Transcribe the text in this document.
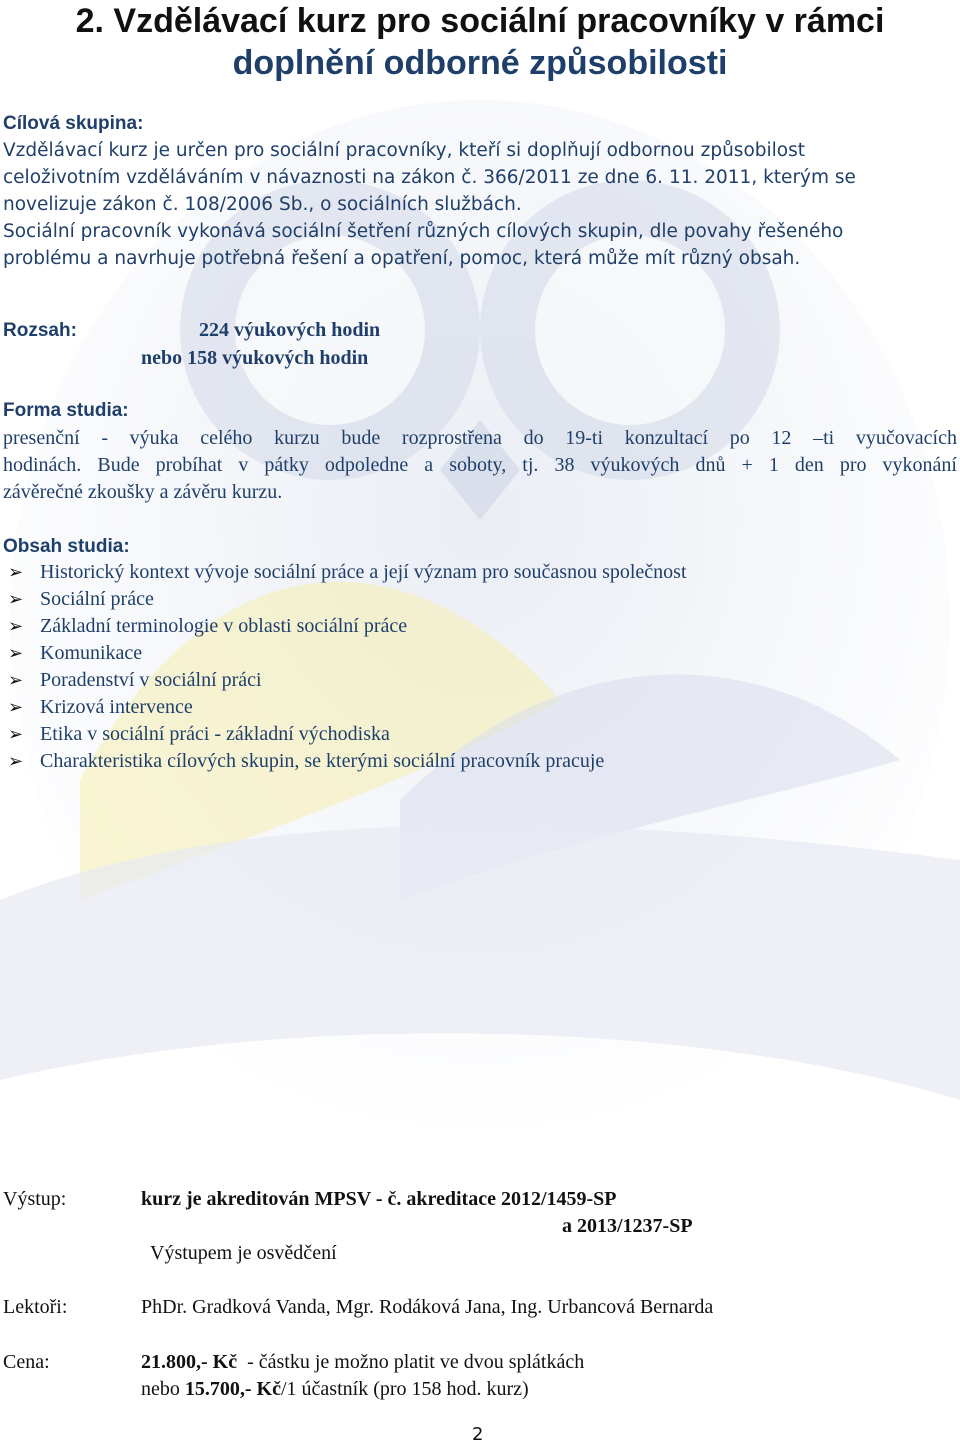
2. Vzdělávací kurz pro sociální pracovníky v rámci
doplnění odborné způsobilosti
Cílová skupina:
Vzdělávací kurz je určen pro sociální pracovníky, kteří si doplňují odbornou způsobilost
celoživotním vzděláváním v návaznosti na zákon č. 366/2011 ze dne 6. 11. 2011, kterým se
novelizuje zákon č. 108/2006 Sb., o sociálních službách.
Sociální pracovník vykonává sociální šetření různých cílových skupin, dle povahy řešeného
problému a navrhuje potřebná řešení a opatření, pomoc, která může mít různý obsah.
Rozsah:	224 výukových hodin
nebo 158 výukových hodin
Forma studia:
presenční - výuka celého kurzu bude rozprostřena do 19-ti konzultací po 12 –ti vyučovacích
hodinách. Bude probíhat v pátky odpoledne a soboty, tj. 38 výukových dnů + 1 den pro vykonání
závěrečné zkoušky a závěru kurzu.
Obsah studia:
➢ Historický kontext vývoje sociální práce a její význam pro současnou společnost
➢ Sociální práce
➢ Základní terminologie v oblasti sociální práce
➢ Komunikace
➢ Poradenství v sociální práci
➢ Krizová intervence
➢ Etika v sociální práci - základní východiska
➢ Charakteristika cílových skupin, se kterými sociální pracovník pracuje
Výstup:	kurz je akreditován MPSV - č. akreditace 2012/1459-SP
a 2013/1237-SP
Výstupem je osvědčení
Lektoři:	PhDr. Gradková Vanda, Mgr. Rodáková Jana, Ing. Urbancová Bernarda
Cena:	21.800,- Kč  - částku je možno platit ve dvou splátkách
nebo 15.700,- Kč/1 účastník (pro 158 hod. kurz)
2
